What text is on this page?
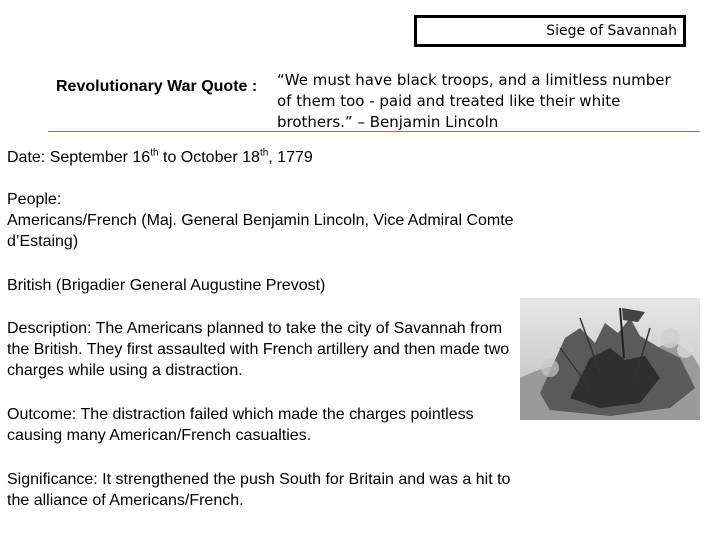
Siege of Savannah
Revolutionary War Quote : “We must have black troops, and a limitless number of them too - paid and treated like their white brothers.” – Benjamin Lincoln

Date: September 16th to October 18th, 1779

People:

Americans/French (Maj. General Benjamin Lincoln, Vice Admiral Comte d’Estaing)

British (Brigadier General Augustine Prevost)

Description: The Americans planned to take the city of Savannah from the British. They first assaulted with French artillery and then made two charges while using a distraction.

Outcome: The distraction failed which made the charges pointless causing many American/French casualties.

Significance: It strengthened the push South for Britain and was a hit to the alliance of Americans/French.
